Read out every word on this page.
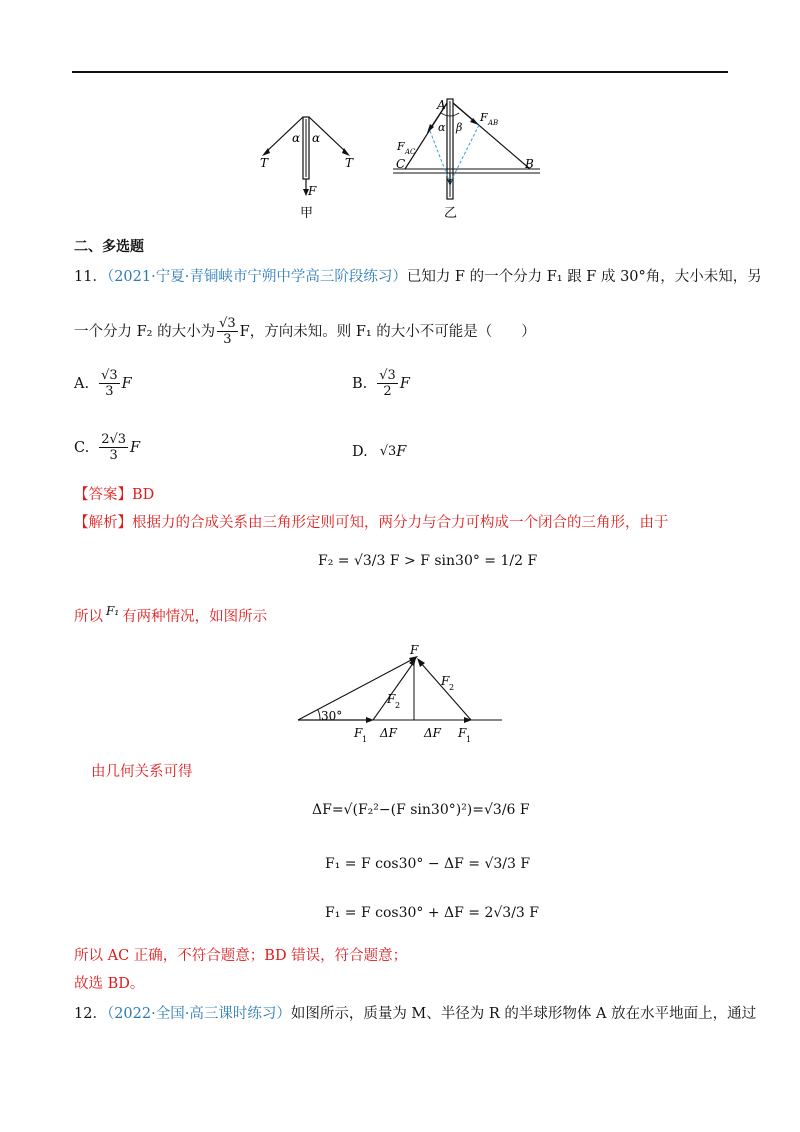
α α
T	T
F
甲
A
B
C
α β
F AC
F AB
乙
二、多选题
11．（2021·宁夏·青铜峡市宁朔中学高三阶段练习）已知力 F 的一个分力 F₁ 跟 F 成 30°角，大小未知，另
一个分力 F₂ 的大小为 $\frac{√3}{3}$ F，方向未知。则 F₁ 的大小不可能是（　　）
A. $\frac{√3}{3}$ F	B. $\frac{√3}{2}$ F
C. $\frac{2√3}{3}$ F	D. √3 F
【答案】BD
【解析】根据力的合成关系由三角形定则可知，两分力与合力可构成一个闭合的三角形，由于
F₂ = √3/3 F > F sin30° = 1/2 F
所以 F₁ 有两种情况，如图所示
30°
F
F 2
F 2
F 1 ΔF ΔF F 1
由几何关系可得
ΔF=√(F₂²−(F sin30°)²)=√3/6 F
F₁ = F cos30° − ΔF = √3/3 F
F₁ = F cos30° + ΔF = 2√3/3 F
所以 AC 正确，不符合题意；BD 错误，符合题意；
故选 BD。
12．（2022·全国·高三课时练习）如图所示，质量为 M、半径为 R 的半球形物体 A 放在水平地面上，通过
